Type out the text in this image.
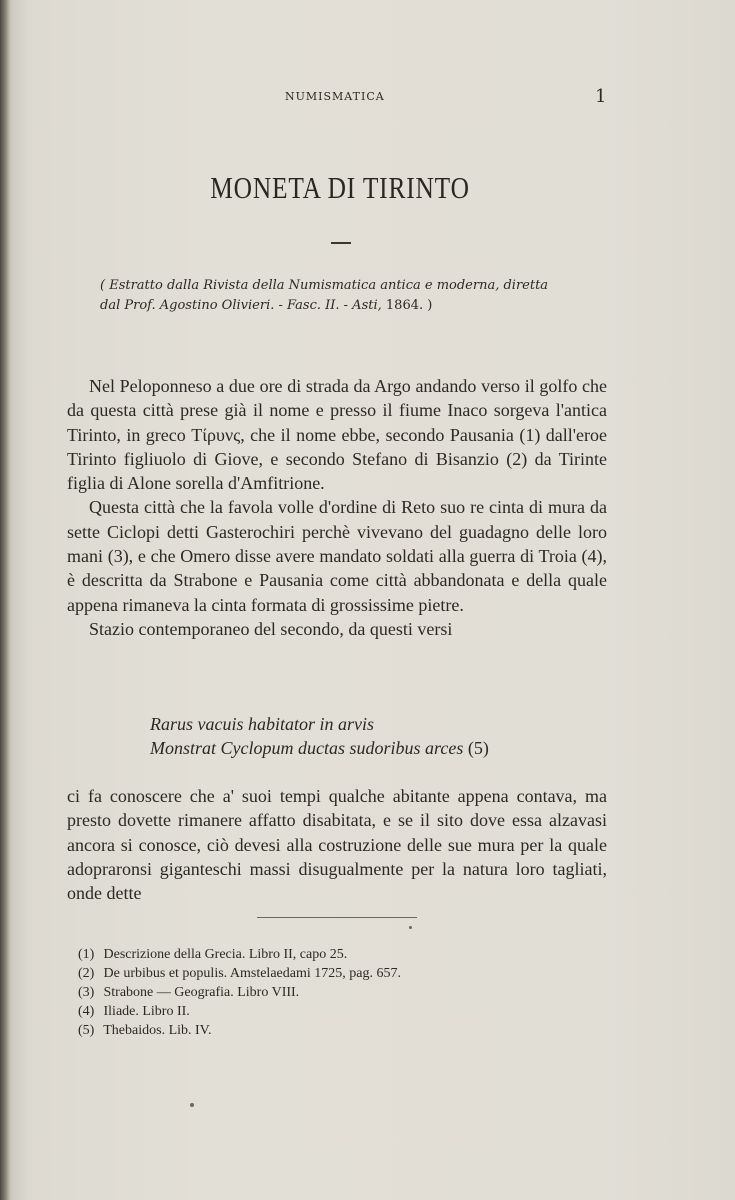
NUMISMATICA	1
MONETA DI TIRINTO
( Estratto dalla Rivista della Numismatica antica e moderna, diretta
dal Prof. Agostino Olivieri. - Fasc. II. - Asti, 1864. )

Nel Peloponneso a due ore di strada da Argo andando verso il golfo che da questa città prese già il nome e presso il fiume Inaco sorgeva l'antica Tirinto, in greco Τίρυνς, che il nome ebbe, secondo Pausania (1) dall'eroe Tirinto figliuolo di Giove, e secondo Stefano di Bisanzio (2) da Tirinte figlia di Alone sorella d'Amfitrione.

Questa città che la favola volle d'ordine di Reto suo re cinta di mura da sette Ciclopi detti Gasterochiri perchè vivevano del guadagno delle loro mani (3), e che Omero disse avere mandato soldati alla guerra di Troia (4), è descritta da Strabone e Pausania come città abbandonata e della quale appena rimaneva la cinta formata di grossissime pietre.

Stazio contemporaneo del secondo, da questi versi

Rarus vacuis habitator in arvis
Monstrat Cyclopum ductas sudoribus arces (5)

ci fa conoscere che a' suoi tempi qualche abitante appena contava, ma presto dovette rimanere affatto disabitata, e se il sito dove essa alzavasi ancora si conosce, ciò devesi alla costruzione delle sue mura per la quale adopraronsi giganteschi massi disugualmente per la natura loro tagliati, onde dette

(1) Descrizione della Grecia. Libro II, capo 25.
(2) De urbibus et populis. Amstelaedami 1725, pag. 657.
(3) Strabone — Geografia. Libro VIII.
(4) Iliade. Libro II.
(5) Thebaidos. Lib. IV.
